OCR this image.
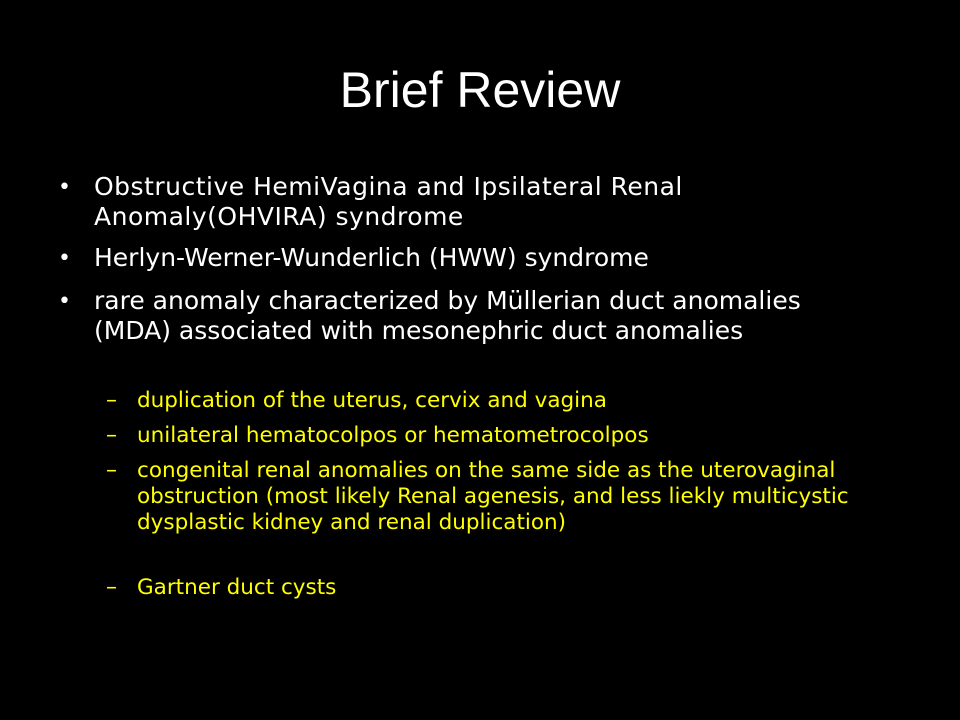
Brief Review
• Obstructive HemiVagina and Ipsilateral Renal Anomaly(OHVIRA) syndrome
• Herlyn-Werner-Wunderlich (HWW) syndrome
• rare anomaly characterized by Müllerian duct anomalies (MDA) associated with mesonephric duct anomalies
– duplication of the uterus, cervix and vagina
– unilateral hematocolpos or hematometrocolpos
– congenital renal anomalies on the same side as the uterovaginal obstruction (most likely Renal agenesis, and less liekly multicystic dysplastic kidney and renal duplication)
– Gartner duct cysts
